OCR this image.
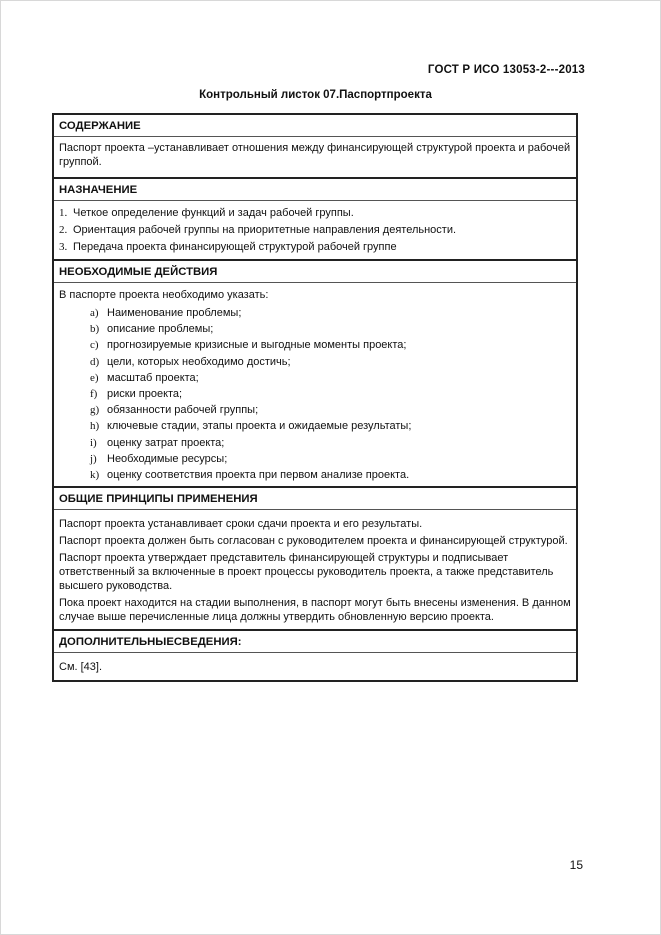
ГОСТ Р ИСО 13053-2---2013
Контрольный листок 07.Паспортпроекта
СОДЕРЖАНИЕ
Паспорт проекта –устанавливает отношения между финансирующей структурой проекта и рабочей группой.
НАЗНАЧЕНИЕ
1. Четкое определение функций и задач рабочей группы.
2. Ориентация рабочей группы на приоритетные направления деятельности.
3. Передача проекта финансирующей структурой рабочей группе
НЕОБХОДИМЫЕ ДЕЙСТВИЯ
В паспорте проекта необходимо указать:
a) Наименование проблемы;
b) описание проблемы;
c) прогнозируемые кризисные и выгодные моменты проекта;
d) цели, которых необходимо достичь;
e) масштаб проекта;
f) риски проекта;
g) обязанности рабочей группы;
h) ключевые стадии, этапы проекта и ожидаемые результаты;
i) оценку затрат проекта;
j) Необходимые ресурсы;
k) оценку соответствия проекта при первом анализе проекта.
ОБЩИЕ ПРИНЦИПЫ ПРИМЕНЕНИЯ
Паспорт проекта устанавливает сроки сдачи проекта и его результаты.
Паспорт проекта должен быть согласован с руководителем проекта и финансирующей структурой.
Паспорт проекта утверждает представитель финансирующей структуры и подписывает ответственный за включенные в проект процессы руководитель проекта, а также представитель высшего руководства.
Пока проект находится на стадии выполнения, в паспорт могут быть внесены изменения. В данном случае выше перечисленные лица должны утвердить обновленную версию проекта.
ДОПОЛНИТЕЛЬНЫЕСВЕДЕНИЯ:
См. [43].
15
